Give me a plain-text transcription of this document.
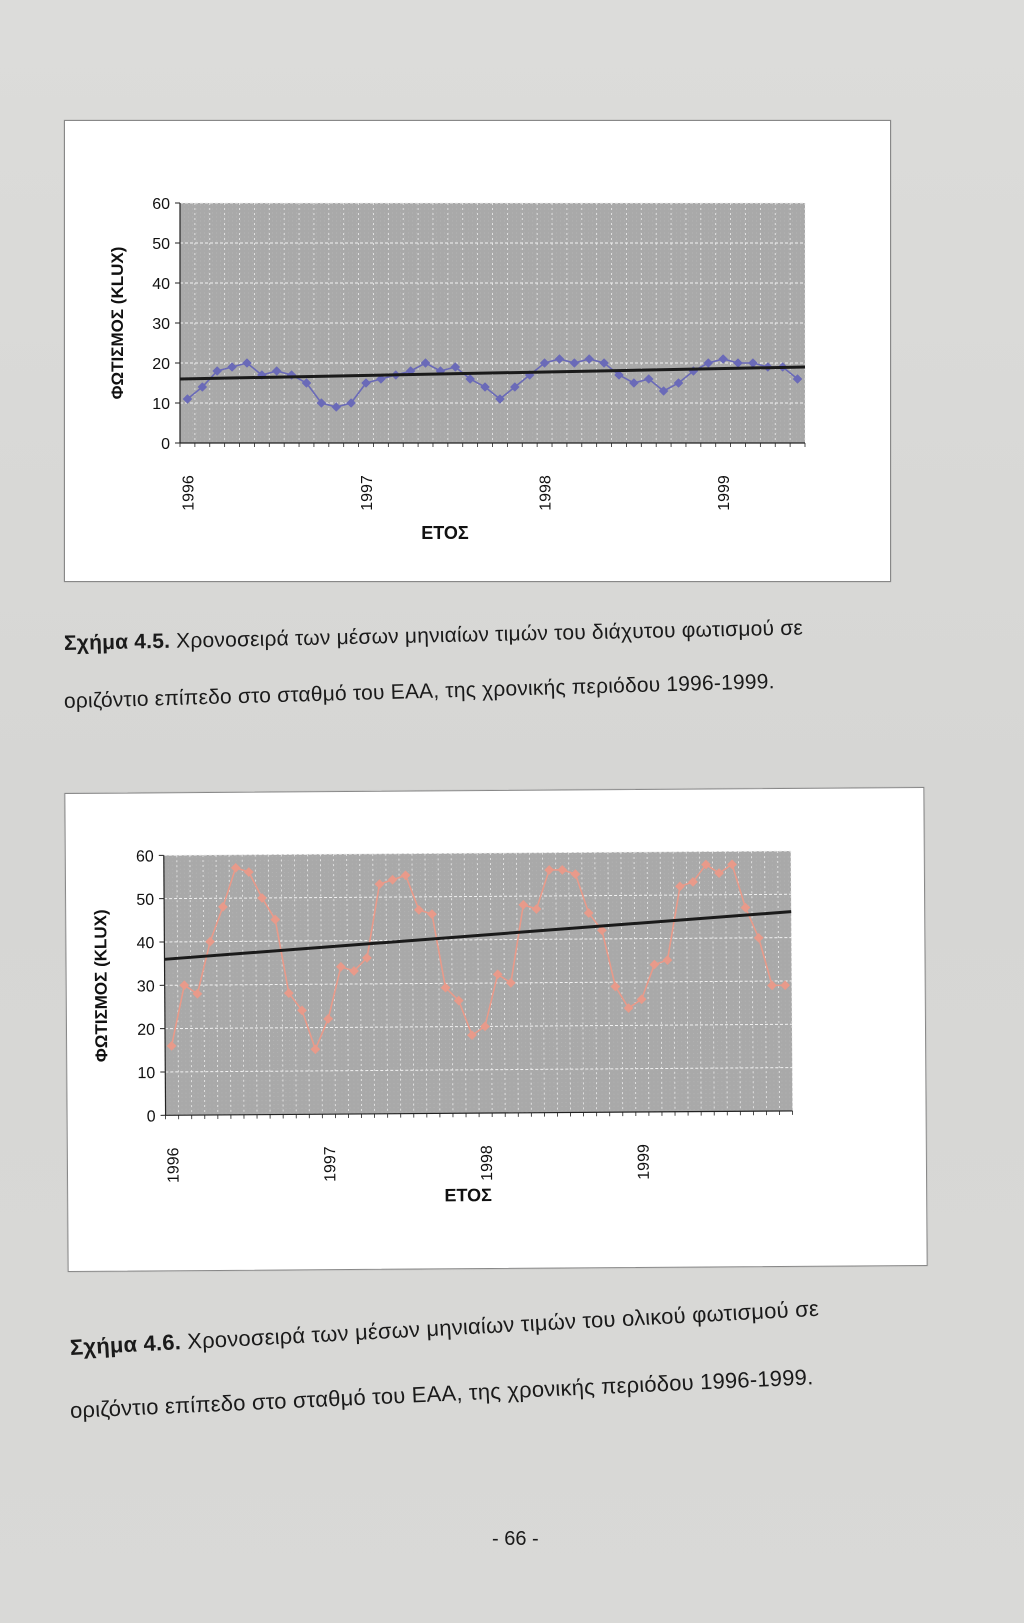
0
10
20
30
40
50
60
1996	1997	1998	1999
ΕΤΟΣ
ΦΩΤΙΣΜΟΣ (KLUX)
Σχήμα 4.5. Χρονοσειρά των μέσων μηνιαίων τιμών του διάχυτου φωτισμού σε
οριζόντιο επίπεδο στο σταθμό του ΕΑΑ, της χρονικής περιόδου 1996-1999.
0
10
20
30
40
50
60
1996	1997	1998	1999
ΕΤΟΣ
ΦΩΤΙΣΜΟΣ (KLUX)
Σχήμα 4.6. Χρονοσειρά των μέσων μηνιαίων τιμών του ολικού φωτισμού σε
οριζόντιο επίπεδο στο σταθμό του ΕΑΑ, της χρονικής περιόδου 1996-1999.
- 66 -
